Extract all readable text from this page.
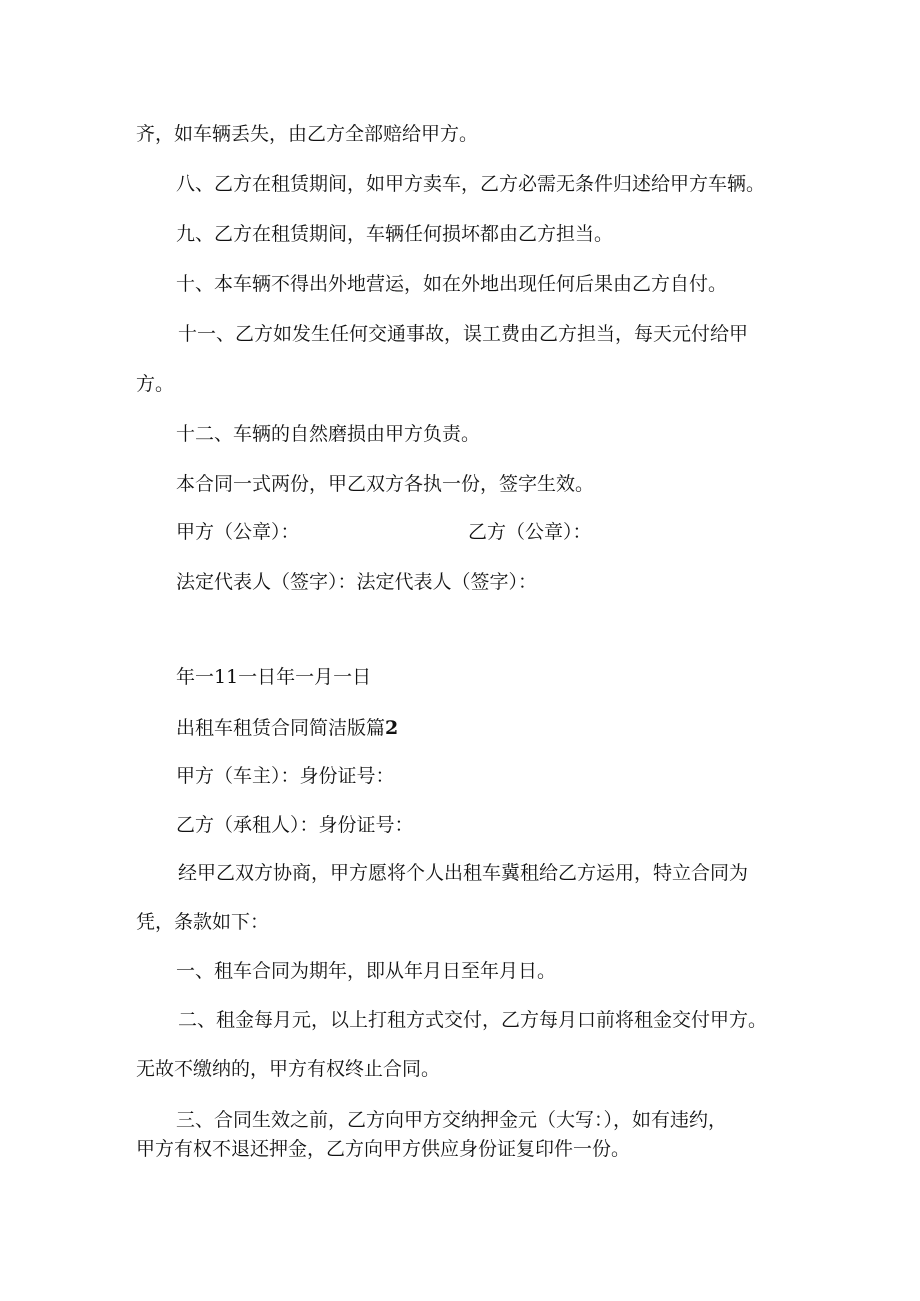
齐，如车辆丢失，由乙方全部赔给甲方。
八、乙方在租赁期间，如甲方卖车，乙方必需无条件归述给甲方车辆。
九、乙方在租赁期间，车辆任何损坏都由乙方担当。
十、本车辆不得出外地营运，如在外地出现任何后果由乙方自付。
十一、乙方如发生任何交通事故，误工费由乙方担当，每天元付给甲
方。
十二、车辆的自然磨损由甲方负责。
本合同一式两份，甲乙双方各执一份，签字生效。
甲方（公章）：	乙方（公章）：
法定代表人（签字）：法定代表人（签字）：
年一11一日年一月一日
出租车租赁合同简洁版篇2
甲方（车主）：身份证号：
乙方（承租人）：身份证号：
经甲乙双方协商，甲方愿将个人出租车冀租给乙方运用，特立合同为
凭，条款如下：
一、租车合同为期年，即从年月日至年月日。
二、租金每月元，以上打租方式交付，乙方每月口前将租金交付甲方。
无故不缴纳的，甲方有权终止合同。
三、合同生效之前，乙方向甲方交纳押金元（大写：），如有违约，
甲方有权不退还押金，乙方向甲方供应身份证复印件一份。
